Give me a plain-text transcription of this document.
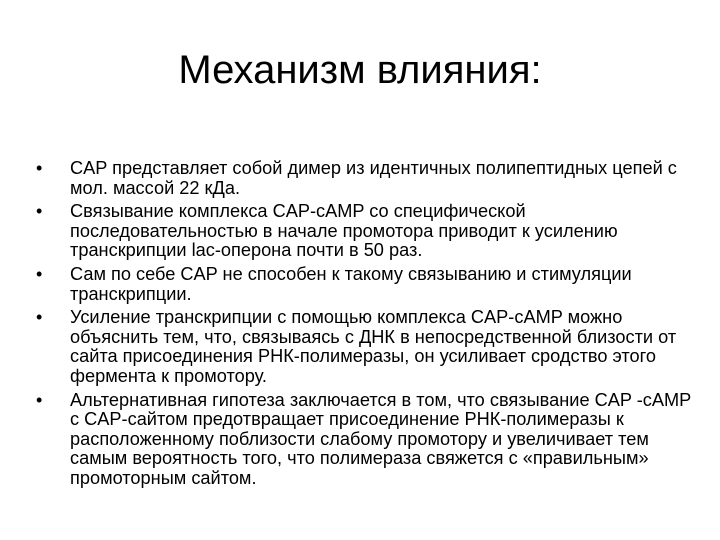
Механизм влияния:
•	CAP представляет собой димер из идентичных полипептидных цепей с мол. массой 22 кДа.
•	Связывание комплекса CAP-cAMP со специфической последовательностью в начале промотора приводит к усилению транскрипции lac-оперона почти в 50 раз.
•	Сам по себе CAP не способен к такому связыванию и стимуляции транскрипции.
•	Усиление транскрипции с помощью комплекса CAP-cAMP можно объяснить тем, что, связываясь с ДНК в непосредственной близости от сайта присоединения РНК-полимеразы, он усиливает сродство этого фермента к промотору.
•	Альтернативная гипотеза заключается в том, что связывание CAP -cAMP с CAP-сайтом предотвращает присоединение РНК-полимеразы к расположенному поблизости слабому промотору и увеличивает тем самым вероятность того, что полимераза свяжется с «правильным» промоторным сайтом.
